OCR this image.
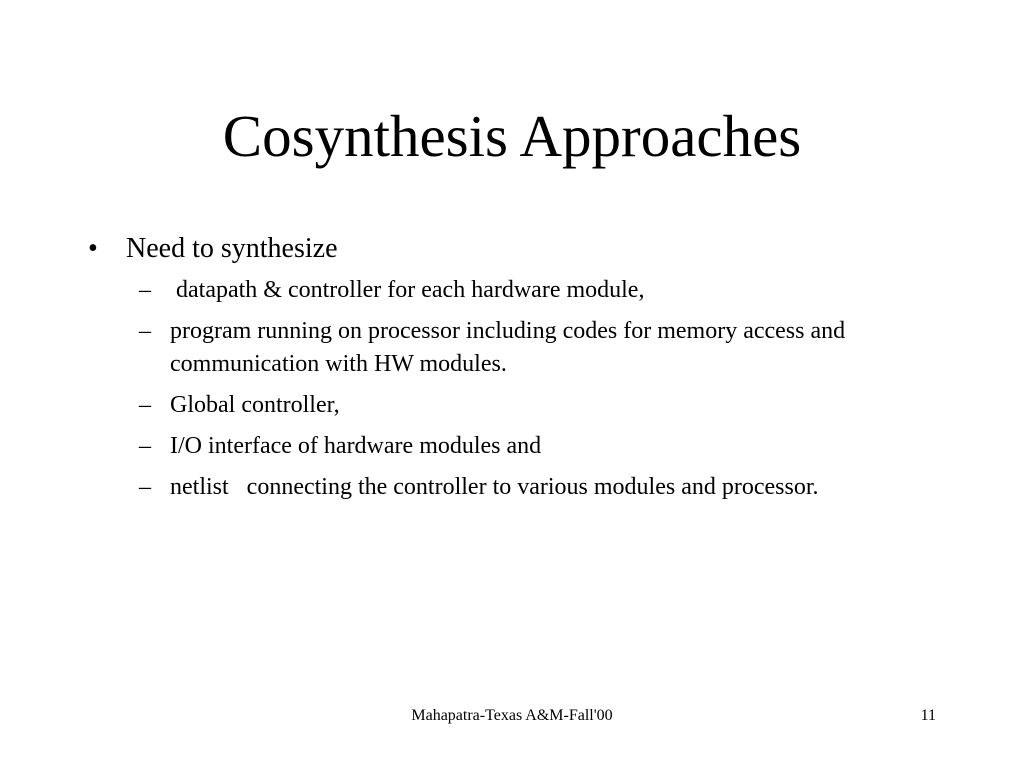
Cosynthesis Approaches
• Need to synthesize
– datapath & controller for each hardware module,
– program running on processor including codes for memory access and communication with HW modules.
– Global controller,
– I/O interface of hardware modules and
– netlist   connecting the controller to various modules and processor.
Mahapatra-Texas A&M-Fall'00	11
